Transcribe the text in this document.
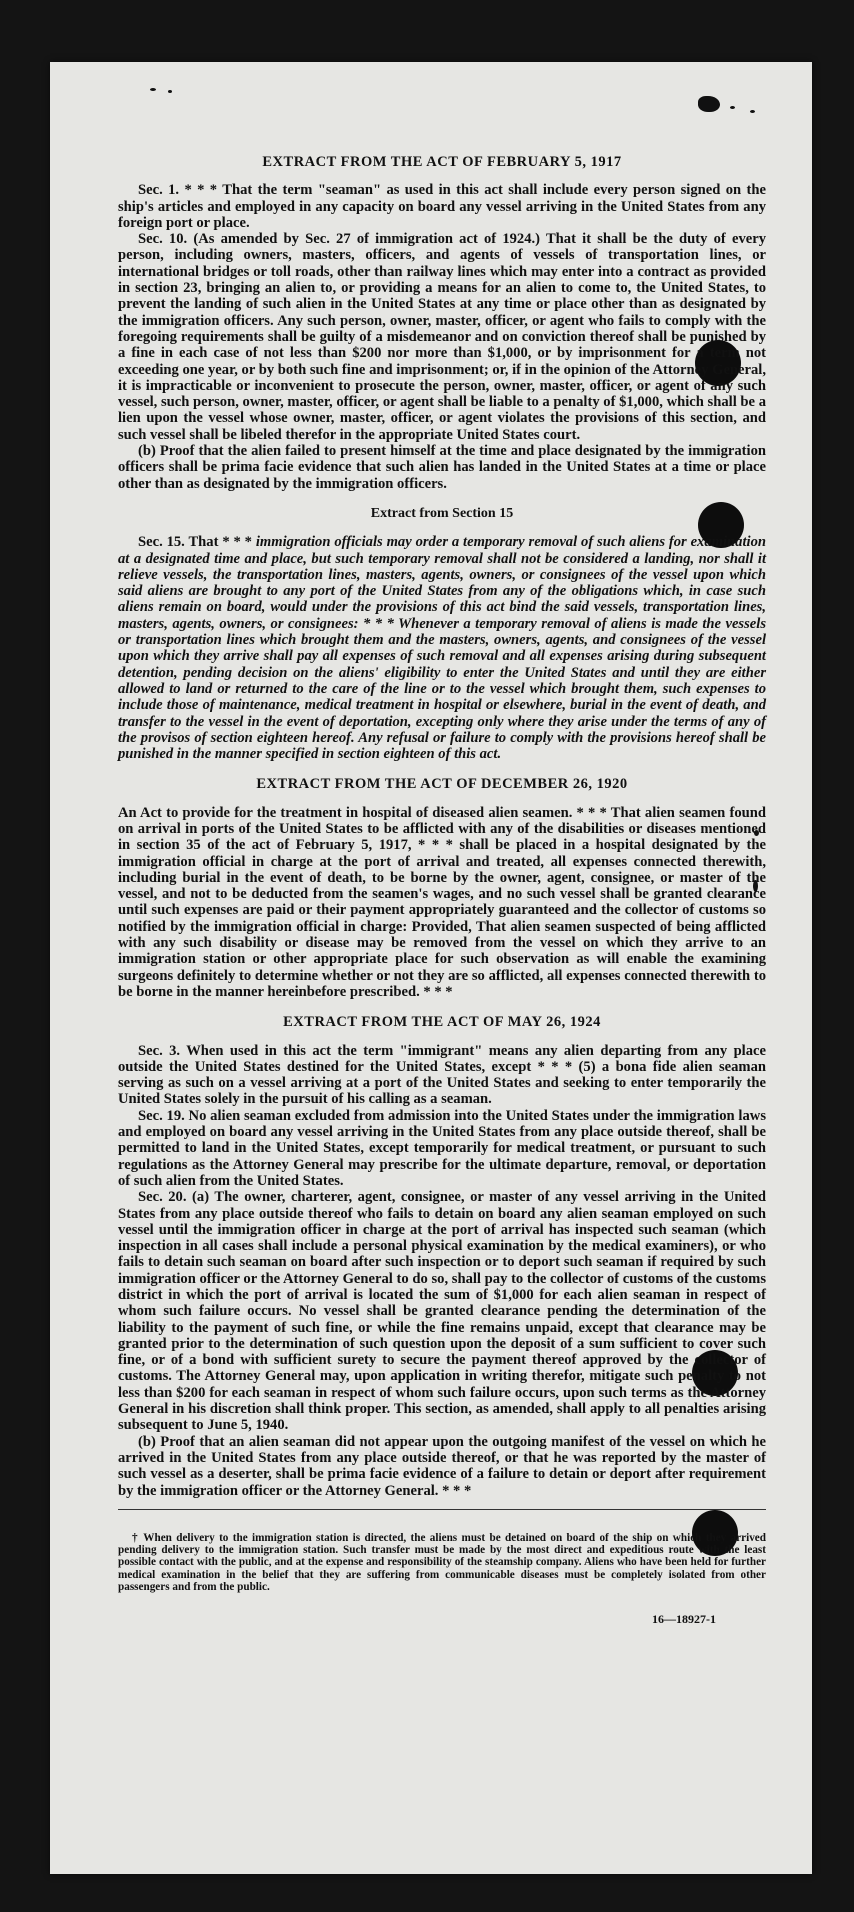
EXTRACT FROM THE ACT OF FEBRUARY 5, 1917

Sec. 1. * * * That the term "seaman" as used in this act shall include every person signed on the ship's articles and employed in any capacity on board any vessel arriving in the United States from any foreign port or place.

Sec. 10. (As amended by Sec. 27 of immigration act of 1924.) That it shall be the duty of every person, including owners, masters, officers, and agents of vessels of transportation lines, or international bridges or toll roads, other than railway lines which may enter into a contract as provided in section 23, bringing an alien to, or providing a means for an alien to come to, the United States, to prevent the landing of such alien in the United States at any time or place other than as designated by the immigration officers. Any such person, owner, master, officer, or agent who fails to comply with the foregoing requirements shall be guilty of a misdemeanor and on conviction thereof shall be punished by a fine in each case of not less than $200 nor more than $1,000, or by imprisonment for a term not exceeding one year, or by both such fine and imprisonment; or, if in the opinion of the Attorney General, it is impracticable or inconvenient to prosecute the person, owner, master, officer, or agent of any such vessel, such person, owner, master, officer, or agent shall be liable to a penalty of $1,000, which shall be a lien upon the vessel whose owner, master, officer, or agent violates the provisions of this section, and such vessel shall be libeled therefor in the appropriate United States court.

(b) Proof that the alien failed to present himself at the time and place designated by the immigration officers shall be prima facie evidence that such alien has landed in the United States at a time or place other than as designated by the immigration officers.

Extract from Section 15

Sec. 15. That * * * immigration officials may order a temporary removal of such aliens for examination at a designated time and place, but such temporary removal shall not be considered a landing, nor shall it relieve vessels, the transportation lines, masters, agents, owners, or consignees of the vessel upon which said aliens are brought to any port of the United States from any of the obligations which, in case such aliens remain on board, would under the provisions of this act bind the said vessels, transportation lines, masters, agents, owners, or consignees: * * * Whenever a temporary removal of aliens is made the vessels or transportation lines which brought them and the masters, owners, agents, and consignees of the vessel upon which they arrive shall pay all expenses of such removal and all expenses arising during subsequent detention, pending decision on the aliens' eligibility to enter the United States and until they are either allowed to land or returned to the care of the line or to the vessel which brought them, such expenses to include those of maintenance, medical treatment in hospital or elsewhere, burial in the event of death, and transfer to the vessel in the event of deportation, excepting only where they arise under the terms of any of the provisos of section eighteen hereof. Any refusal or failure to comply with the provisions hereof shall be punished in the manner specified in section eighteen of this act.

EXTRACT FROM THE ACT OF DECEMBER 26, 1920

An Act to provide for the treatment in hospital of diseased alien seamen. * * * That alien seamen found on arrival in ports of the United States to be afflicted with any of the disabilities or diseases mentioned in section 35 of the act of February 5, 1917, * * * shall be placed in a hospital designated by the immigration official in charge at the port of arrival and treated, all expenses connected therewith, including burial in the event of death, to be borne by the owner, agent, consignee, or master of the vessel, and not to be deducted from the seamen's wages, and no such vessel shall be granted clearance until such expenses are paid or their payment appropriately guaranteed and the collector of customs so notified by the immigration official in charge: Provided, That alien seamen suspected of being afflicted with any such disability or disease may be removed from the vessel on which they arrive to an immigration station or other appropriate place for such observation as will enable the examining surgeons definitely to determine whether or not they are so afflicted, all expenses connected therewith to be borne in the manner hereinbefore prescribed. * * *

EXTRACT FROM THE ACT OF MAY 26, 1924

Sec. 3. When used in this act the term "immigrant" means any alien departing from any place outside the United States destined for the United States, except * * * (5) a bona fide alien seaman serving as such on a vessel arriving at a port of the United States and seeking to enter temporarily the United States solely in the pursuit of his calling as a seaman.

Sec. 19. No alien seaman excluded from admission into the United States under the immigration laws and employed on board any vessel arriving in the United States from any place outside thereof, shall be permitted to land in the United States, except temporarily for medical treatment, or pursuant to such regulations as the Attorney General may prescribe for the ultimate departure, removal, or deportation of such alien from the United States.

Sec. 20. (a) The owner, charterer, agent, consignee, or master of any vessel arriving in the United States from any place outside thereof who fails to detain on board any alien seaman employed on such vessel until the immigration officer in charge at the port of arrival has inspected such seaman (which inspection in all cases shall include a personal physical examination by the medical examiners), or who fails to detain such seaman on board after such inspection or to deport such seaman if required by such immigration officer or the Attorney General to do so, shall pay to the collector of customs of the customs district in which the port of arrival is located the sum of $1,000 for each alien seaman in respect of whom such failure occurs. No vessel shall be granted clearance pending the determination of the liability to the payment of such fine, or while the fine remains unpaid, except that clearance may be granted prior to the determination of such question upon the deposit of a sum sufficient to cover such fine, or of a bond with sufficient surety to secure the payment thereof approved by the collector of customs. The Attorney General may, upon application in writing therefor, mitigate such penalty to not less than $200 for each seaman in respect of whom such failure occurs, upon such terms as the Attorney General in his discretion shall think proper. This section, as amended, shall apply to all penalties arising subsequent to June 5, 1940.

(b) Proof that an alien seaman did not appear upon the outgoing manifest of the vessel on which he arrived in the United States from any place outside thereof, or that he was reported by the master of such vessel as a deserter, shall be prima facie evidence of a failure to detain or deport after requirement by the immigration officer or the Attorney General. * * *

† When delivery to the immigration station is directed, the aliens must be detained on board of the ship on which they arrived pending delivery to the immigration station. Such transfer must be made by the most direct and expeditious route with the least possible contact with the public, and at the expense and responsibility of the steamship company. Aliens who have been held for further medical examination in the belief that they are suffering from communicable diseases must be completely isolated from other passengers and from the public.

16—18927-1
